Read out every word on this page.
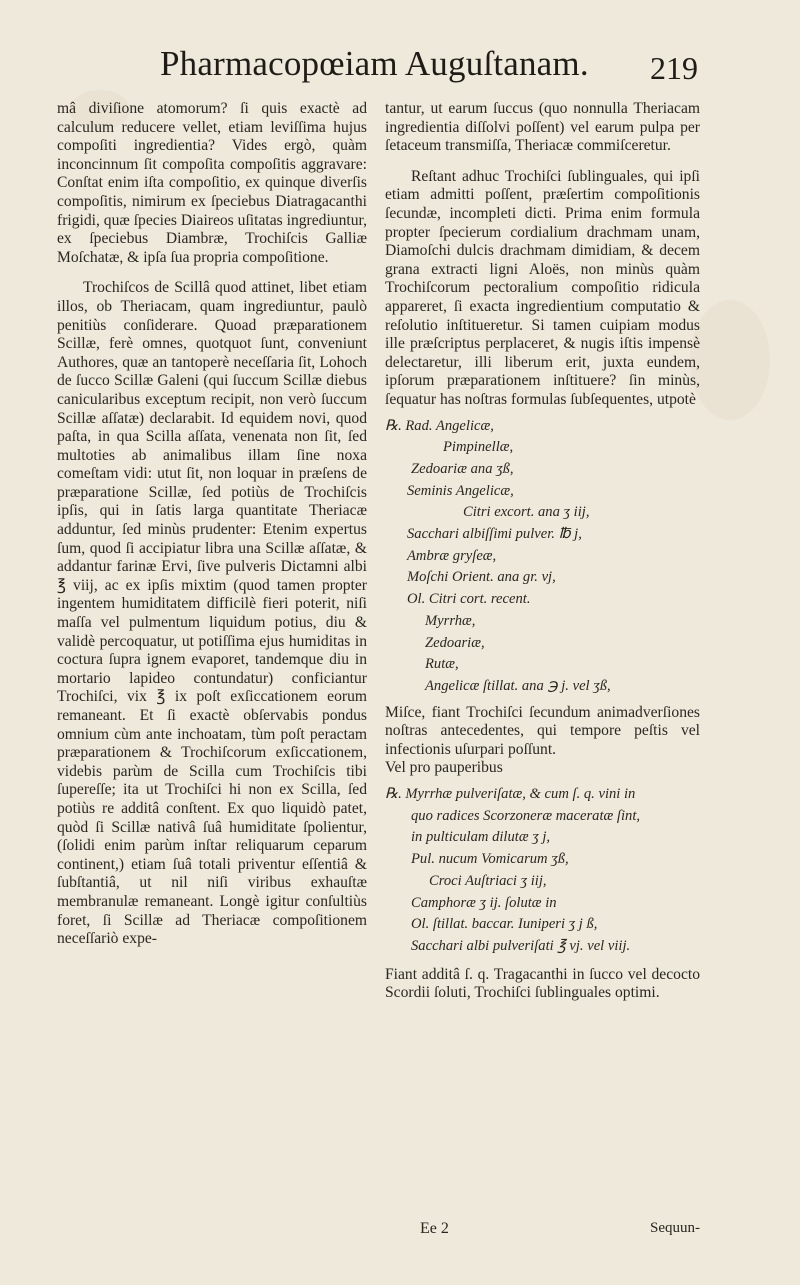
Pharmacopœiam Auguſtanam. 219

mâ diviſione atomorum? ſi quis exactè ad calculum reducere vellet, etiam leviſſima hujus compoſiti ingredientia? Vides ergò, quàm inconcinnum ſit compoſita compoſitis aggravare: Conſtat enim iſta compoſitio, ex quinque diverſis compoſitis, nimirum ex ſpeciebus Diatragacanthi frigidi, quæ ſpecies Diaireos uſitatas ingrediuntur, ex ſpeciebus Diambræ, Trochiſcis Galliæ Moſchatæ, & ipſa ſua propria compoſitione.

Trochiſcos de Scillâ quod attinet, libet etiam illos, ob Theriacam, quam ingrediuntur, paulò penitiùs conſiderare. Quoad præparationem Scillæ, ferè omnes, quotquot ſunt, conveniunt Authores, quæ an tantoperè neceſſaria ſit, Lohoch de ſucco Scillæ Galeni (qui ſuccum Scillæ diebus canicularibus exceptum recipit, non verò ſuccum Scillæ aſſatæ) declarabit. Id equidem novi, quod paſta, in qua Scilla aſſata, venenata non ſit, ſed multoties ab animalibus illam ſine noxa comeſtam vidi: utut ſit, non loquar in præſens de præparatione Scillæ, ſed potiùs de Trochiſcis ipſis, qui in ſatis larga quantitate Theriacæ adduntur, ſed minùs prudenter: Etenim expertus ſum, quod ſi accipiatur libra una Scillæ aſſatæ, & addantur farinæ Ervi, ſive pulveris Dictamni albi ℥ viij, ac ex ipſis mixtim (quod tamen propter ingentem humiditatem difficilè fieri poterit, niſi maſſa vel pulmentum liquidum potius, diu & validè percoquatur, ut potiſſima ejus humiditas in coctura ſupra ignem evaporet, tandemque diu in mortario lapideo contundatur) conficiantur Trochiſci, vix ℥ ix poſt exſiccationem eorum remaneant. Et ſi exactè obſervabis pondus omnium cùm ante inchoatam, tùm poſt peractam præparationem & Trochiſcorum exſiccationem, videbis parùm de Scilla cum Trochiſcis tibi ſupereſſe; ita ut Trochiſci hi non ex Scilla, ſed potiùs re additâ conſtent. Ex quo liquidò patet, quòd ſi Scillæ nativâ ſuâ humiditate ſpolientur, (ſolidi enim parùm inſtar reliquarum ceparum continent,) etiam ſuâ totali priventur eſſentiâ & ſubſtantiâ, ut nil niſi viribus exhauſtæ membranulæ remaneant. Longè igitur conſultiùs foret, ſi Scillæ ad Theriacæ compoſitionem neceſſariò expe-

tantur, ut earum ſuccus (quo nonnulla Theriacam ingredientia diſſolvi poſſent) vel earum pulpa per ſetaceum transmiſſa, Theriacæ commiſceretur.

Reſtant adhuc Trochiſci ſublinguales, qui ipſi etiam admitti poſſent, præſertim compoſitionis ſecundæ, incompleti dicti. Prima enim formula propter ſpecierum cordialium drachmam unam, Diamoſchi dulcis drachmam dimidiam, & decem grana extracti ligni Aloës, non minùs quàm Trochiſcorum pectoralium compoſitio ridicula appareret, ſi exacta ingredientium computatio & reſolutio inſtitueretur. Si tamen cuipiam modus ille præſcriptus perplaceret, & nugis iſtis impensè delectaretur, illi liberum erit, juxta eundem, ipſorum præparationem inſtituere? ſin minùs, ſequatur has noſtras formulas ſubſequentes, utpotè

℞. Rad. Angelicæ,
Pimpinellæ,
Zedoariæ ana ʒß,
Seminis Angelicæ,
Citri excort. ana ʒ iij,
Sacchari albiſſimi pulver. ℔ j,
Ambræ gryſeæ,
Moſchi Orient. ana gr. vj,
Ol. Citri cort. recent.
Myrrhæ,
Zedoariæ,
Rutæ,
Angelicæ ſtillat. ana ℈ j. vel ʒß,

Miſce, fiant Trochiſci ſecundum animadverſiones noſtras antecedentes, qui tempore peſtis vel infectionis uſurpari poſſunt.

Vel pro pauperibus

℞. Myrrhæ pulveriſatæ, & cum ſ. q. vini in
quo radices Scorzoneræ maceratæ ſint,
in pulticulam dilutæ ʒ j,
Pul. nucum Vomicarum ʒß,
Croci Auſtriaci ʒ iij,
Camphoræ ʒ ij. ſolutæ in
Ol. ſtillat. baccar. Iuniperi ʒ j ß,
Sacchari albi pulveriſati ℥ vj. vel viij.

Fiant additâ ſ. q. Tragacanthi in ſucco vel decocto Scordii ſoluti, Trochiſci ſublinguales optimi.

Ee 2	Sequun-
